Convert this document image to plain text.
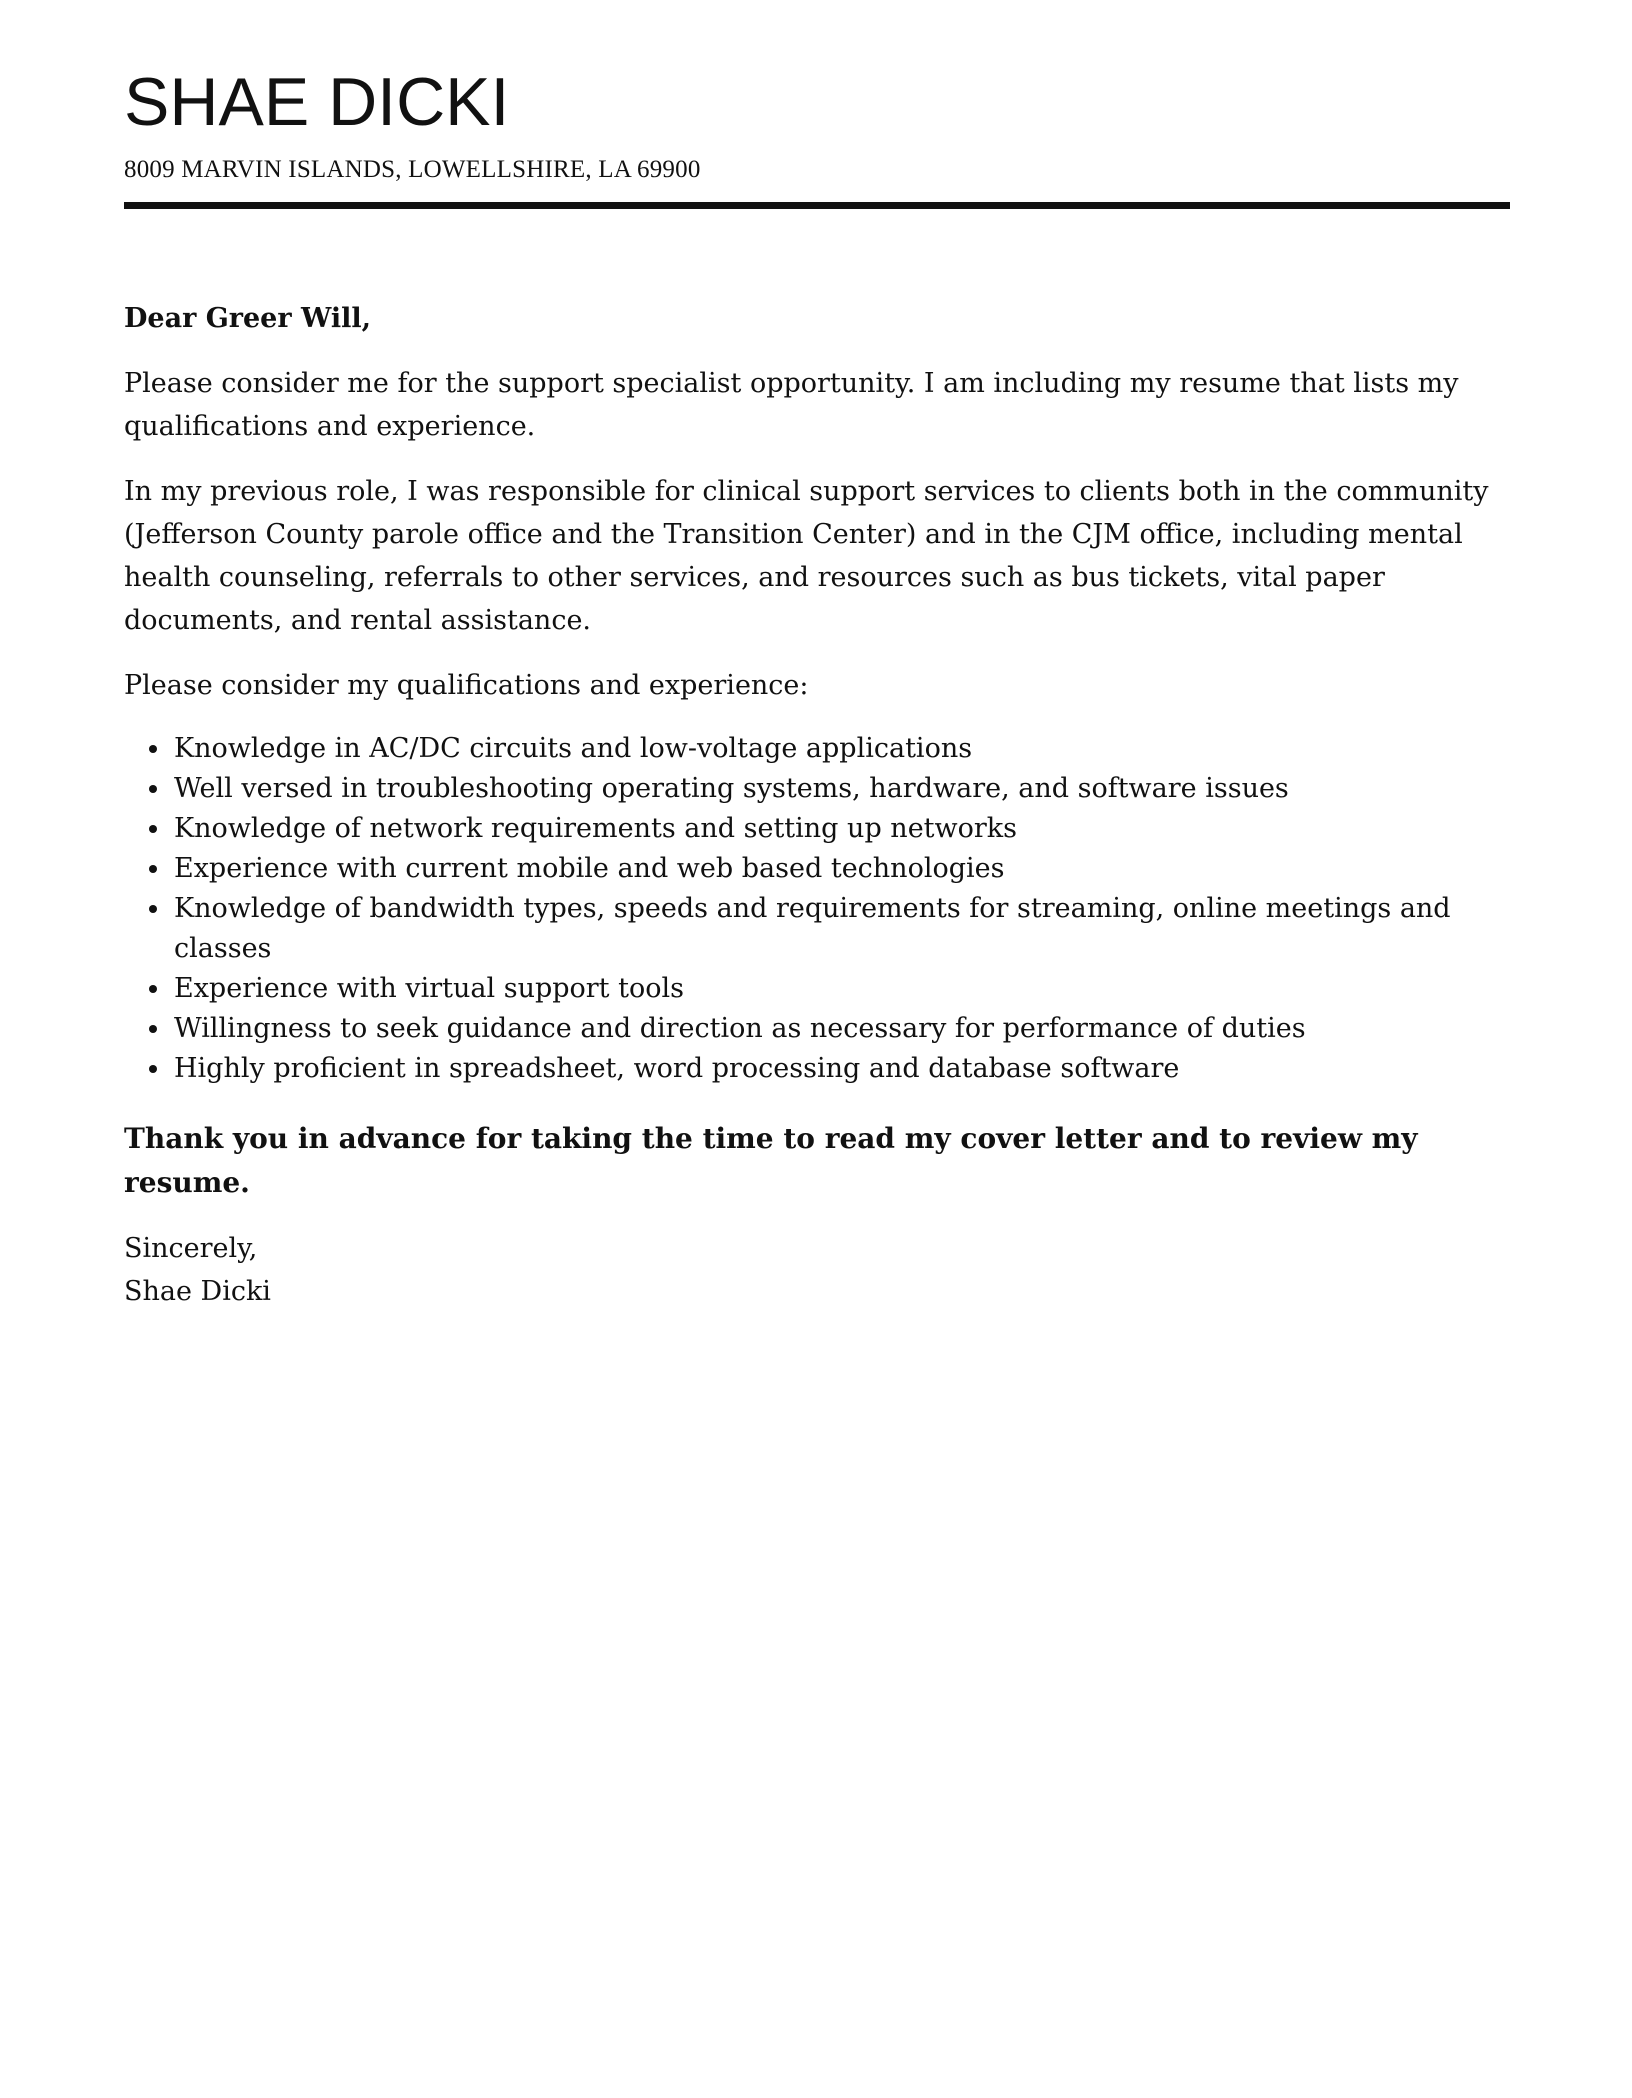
SHAE DICKI
8009 MARVIN ISLANDS, LOWELLSHIRE, LA 69900

Dear Greer Will,

Please consider me for the support specialist opportunity. I am including my resume that lists my qualifications and experience.

In my previous role, I was responsible for clinical support services to clients both in the community (Jefferson County parole office and the Transition Center) and in the CJM office, including mental health counseling, referrals to other services, and resources such as bus tickets, vital paper documents, and rental assistance.

Please consider my qualifications and experience:

• Knowledge in AC/DC circuits and low-voltage applications
• Well versed in troubleshooting operating systems, hardware, and software issues
• Knowledge of network requirements and setting up networks
• Experience with current mobile and web based technologies
• Knowledge of bandwidth types, speeds and requirements for streaming, online meetings and classes
• Experience with virtual support tools
• Willingness to seek guidance and direction as necessary for performance of duties
• Highly proficient in spreadsheet, word processing and database software

Thank you in advance for taking the time to read my cover letter and to review my resume.

Sincerely,

Shae Dicki
